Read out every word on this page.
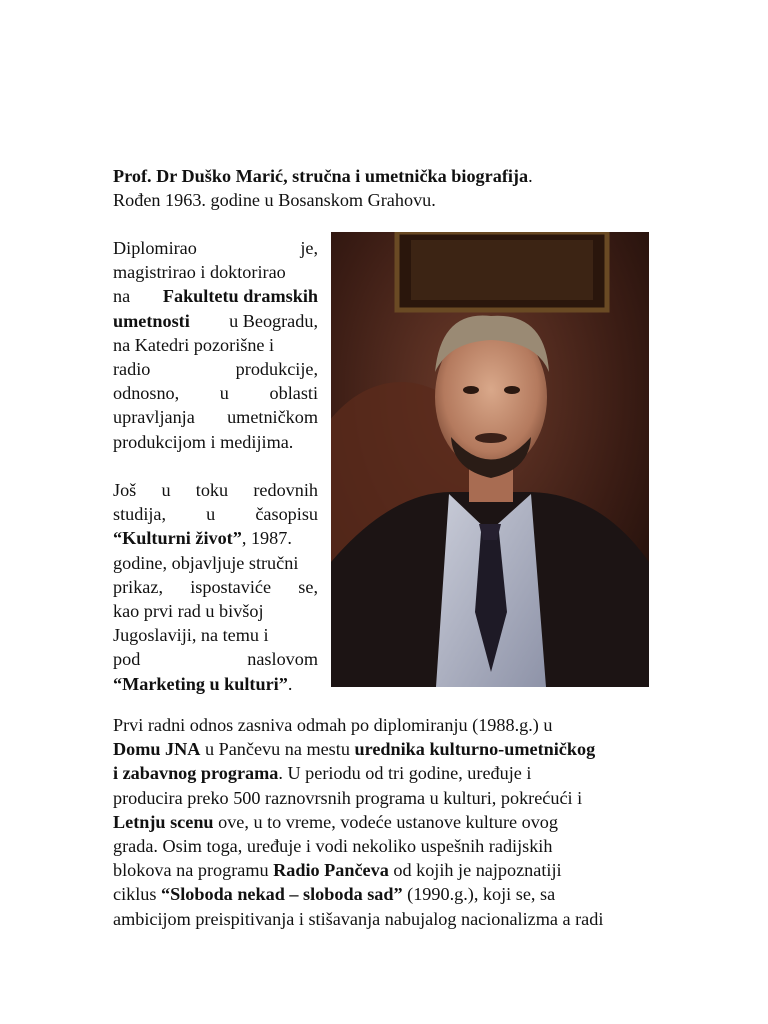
Prof. Dr Duško Marić, stručna i umetnička biografija.
Rođen 1963. godine u Bosanskom Grahovu.
Diplomirao	je,
magistrirao i doktorirao
na Fakultetu dramskih
umetnosti u Beogradu,
na Katedri pozorišne i
radio	produkcije,
odnosno, u oblasti
upravljanja umetničkom
produkcijom i medijima.
Još u toku redovnih
studija, u časopisu
“Kulturni život”, 1987.
godine, objavljuje stručni
prikaz, ispostaviće se,
kao prvi rad u bivšoj
Jugoslaviji, na temu i
pod	naslovom
“Marketing u kulturi”.
Prvi radni odnos zasniva odmah po diplomiranju (1988.g.) u
Domu JNA u Pančevu na mestu urednika kulturno-umetničkog
i zabavnog programa. U periodu od tri godine, uređuje i
producira preko 500 raznovrsnih programa u kulturi, pokrećući i
Letnju scenu ove, u to vreme, vodeće ustanove kulture ovog
grada. Osim toga, uređuje i vodi nekoliko uspešnih radijskih
blokova na programu Radio Pančeva od kojih je najpoznatiji
ciklus “Sloboda nekad – sloboda sad” (1990.g.), koji se, sa
ambicijom preispitivanja i stišavanja nabujalog nacionalizma a radi
